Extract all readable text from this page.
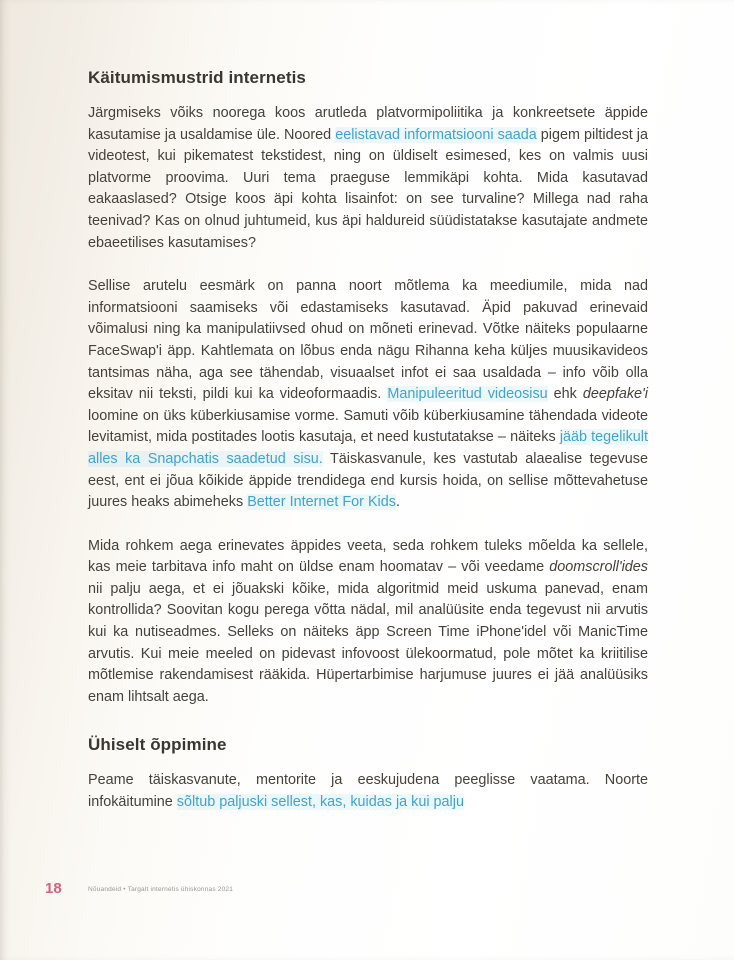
Käitumismustrid internetis

Järgmiseks võiks noorega koos arutleda platvormipoliitika ja konkreetsete äppide kasutamise ja usaldamise üle. Noored eelistavad informatsiooni saada pigem piltidest ja videotest, kui pikematest tekstidest, ning on üldiselt esimesed, kes on valmis uusi platvorme proovima. Uuri tema praeguse lemmikäpi kohta. Mida kasutavad eakaaslased? Otsige koos äpi kohta lisainfot: on see turvaline? Millega nad raha teenivad? Kas on olnud juhtumeid, kus äpi haldureid süüdistatakse kasutajate andmete ebaeetilises kasutamises?

Sellise arutelu eesmärk on panna noort mõtlema ka meediumile, mida nad informatsiooni saamiseks või edastamiseks kasutavad. Äpid pakuvad erinevaid võimalusi ning ka manipulatiivsed ohud on mõneti erinevad. Võtke näiteks populaarne FaceSwap'i äpp. Kahtlemata on lõbus enda nägu Rihanna keha küljes muusikavideos tantsimas näha, aga see tähendab, visuaalset infot ei saa usaldada – info võib olla eksitav nii teksti, pildi kui ka videoformaadis. Manipuleeritud videosisu ehk deepfake'i loomine on üks küberkiusamise vorme. Samuti võib küberkiusamine tähendada videote levitamist, mida postitades lootis kasutaja, et need kustutatakse – näiteks jääb tegelikult alles ka Snapchatis saadetud sisu. Täiskasvanule, kes vastutab alaealise tegevuse eest, ent ei jõua kõikide äppide trendidega end kursis hoida, on sellise mõttevahetuse juures heaks abimeheks Better Internet For Kids.

Mida rohkem aega erinevates äppides veeta, seda rohkem tuleks mõelda ka sellele, kas meie tarbitava info maht on üldse enam hoomatav – või veedame doomscroll'ides nii palju aega, et ei jõuakski kõike, mida algoritmid meid uskuma panevad, enam kontrollida? Soovitan kogu perega võtta nädal, mil analüüsite enda tegevust nii arvutis kui ka nutiseadmes. Selleks on näiteks äpp Screen Time iPhone'idel või ManicTime arvutis. Kui meie meeled on pidevast infovoost ülekoormatud, pole mõtet ka kriitilise mõtlemise rakendamisest rääkida. Hüpertarbimise harjumuse juures ei jää analüüsiks enam lihtsalt aega.

Ühiselt õppimine

Peame täiskasvanute, mentorite ja eeskujudena peeglisse vaatama. Noorte infokäitumine sõltub paljuski sellest, kas, kuidas ja kui palju

18	Nõuandeid • Targalt internetis ühiskonnas 2021
